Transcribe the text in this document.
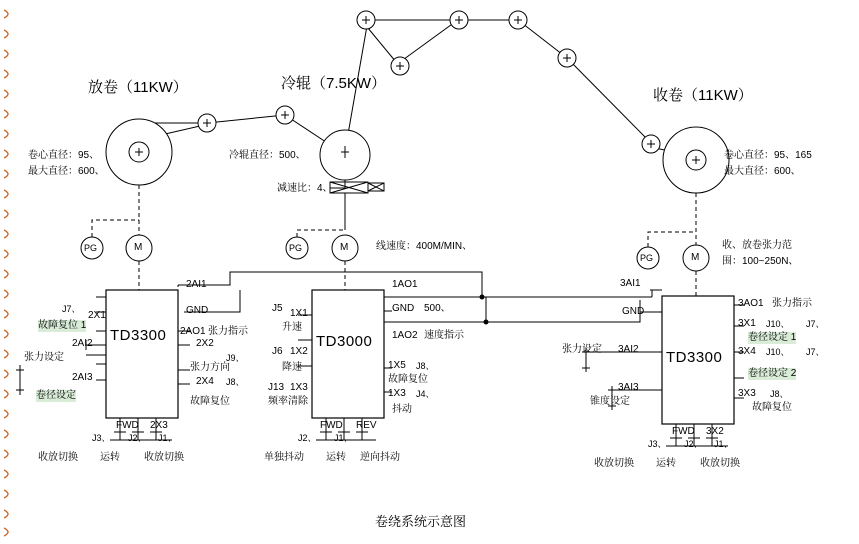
放卷（11KW）	冷辊（7.5KW）
收卷（11KW）
卷心直径：95、
最大直径：600、
冷辊直径：500、	卷心直径：95、165
最大直径：600、
减速比：4、
线速度：400M/MIN、	收、放卷张力范
围：100~250N、
PG	M	PG	M
PG	M
TD3300	TD3000
TD3300
2AI1
GND
2AO1 张力指示
2AI2
2AI3
J7、
2X1
故障复位 1
张力设定
卷径设定
2X2
J9、
张力方向
2X4 J8、
故障复位
2X3
FWD
J3、 J2、 J1、
收放切换 运转 收放切换
J5 1X1
升速
J6 1X2
降速
J13 1X3
频率清除
1AO1
GND 500、
1AO2 速度指示
1X5 J8、
故障复位
1X3 J4、
抖动
FWD REV
J2、 J1、
单独抖动 运转 逆向抖动
3AI1
GND
3AI2
张力设定
3AI3
锥度设定
3AO1 张力指示
3X1 J10、 J7、
卷径设定 1
3X4 J10、 J7、
卷径设定 2
3X3 J8、
故障复位
3X2
FWD
J3、 J2、 J1、
收放切换 运转 收放切换
卷绕系统示意图
